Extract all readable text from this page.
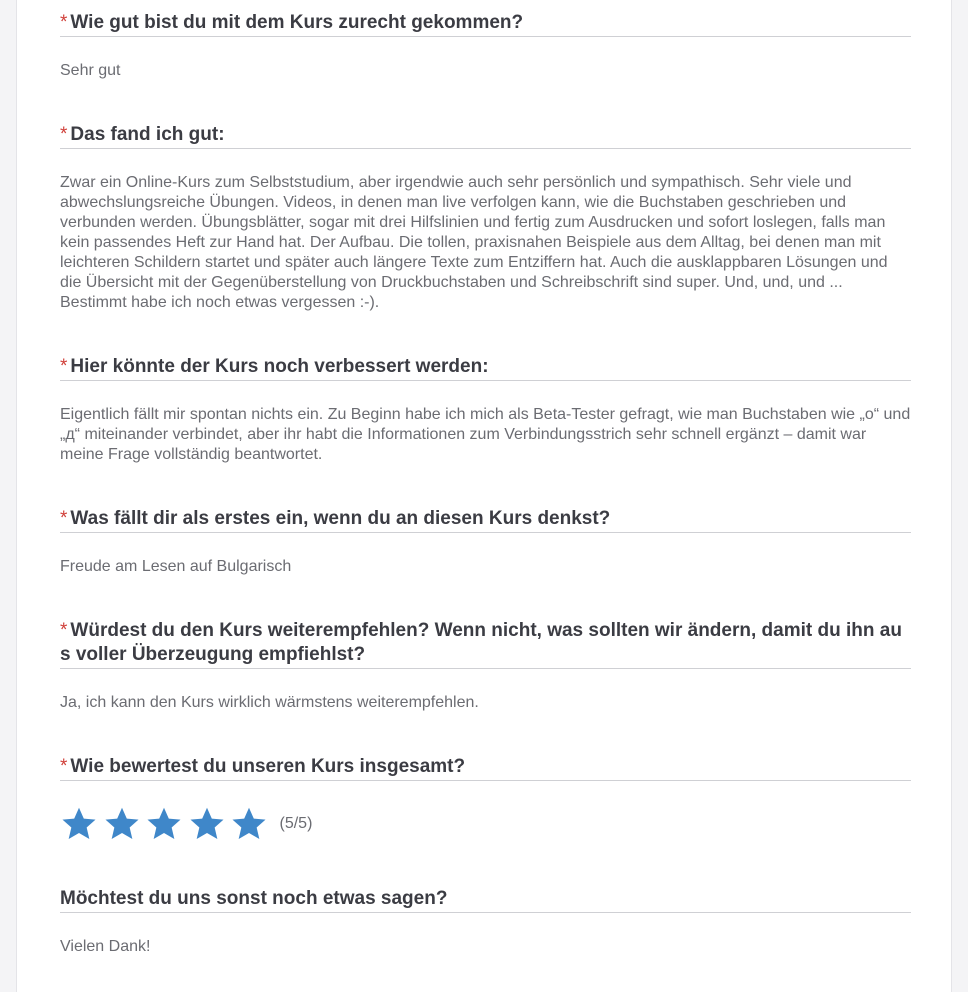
* Wie gut bist du mit dem Kurs zurecht gekommen?

Sehr gut

* Das fand ich gut:

Zwar ein Online-Kurs zum Selbststudium, aber irgendwie auch sehr persönlich und sympathisch. Sehr viele und abwechslungsreiche Übungen. Videos, in denen man live verfolgen kann, wie die Buchstaben geschrieben und verbunden werden. Übungsblätter, sogar mit drei Hilfslinien und fertig zum Ausdrucken und sofort loslegen, falls man kein passendes Heft zur Hand hat. Der Aufbau. Die tollen, praxisnahen Beispiele aus dem Alltag, bei denen man mit leichteren Schildern startet und später auch längere Texte zum Entziffern hat. Auch die ausklappbaren Lösungen und die Übersicht mit der Gegenüberstellung von Druckbuchstaben und Schreibschrift sind super. Und, und, und ... Bestimmt habe ich noch etwas vergessen :-).

* Hier könnte der Kurs noch verbessert werden:

Eigentlich fällt mir spontan nichts ein. Zu Beginn habe ich mich als Beta-Tester gefragt, wie man Buchstaben wie „о“ und „д“ miteinander verbindet, aber ihr habt die Informationen zum Verbindungsstrich sehr schnell ergänzt – damit war meine Frage vollständig beantwortet.

* Was fällt dir als erstes ein, wenn du an diesen Kurs denkst?

Freude am Lesen auf Bulgarisch

* Würdest du den Kurs weiterempfehlen? Wenn nicht, was sollten wir ändern, damit du ihn aus voller Überzeugung empfiehlst?

Ja, ich kann den Kurs wirklich wärmstens weiterempfehlen.

* Wie bewertest du unseren Kurs insgesamt?
(5/5)
Möchtest du uns sonst noch etwas sagen?

Vielen Dank!
